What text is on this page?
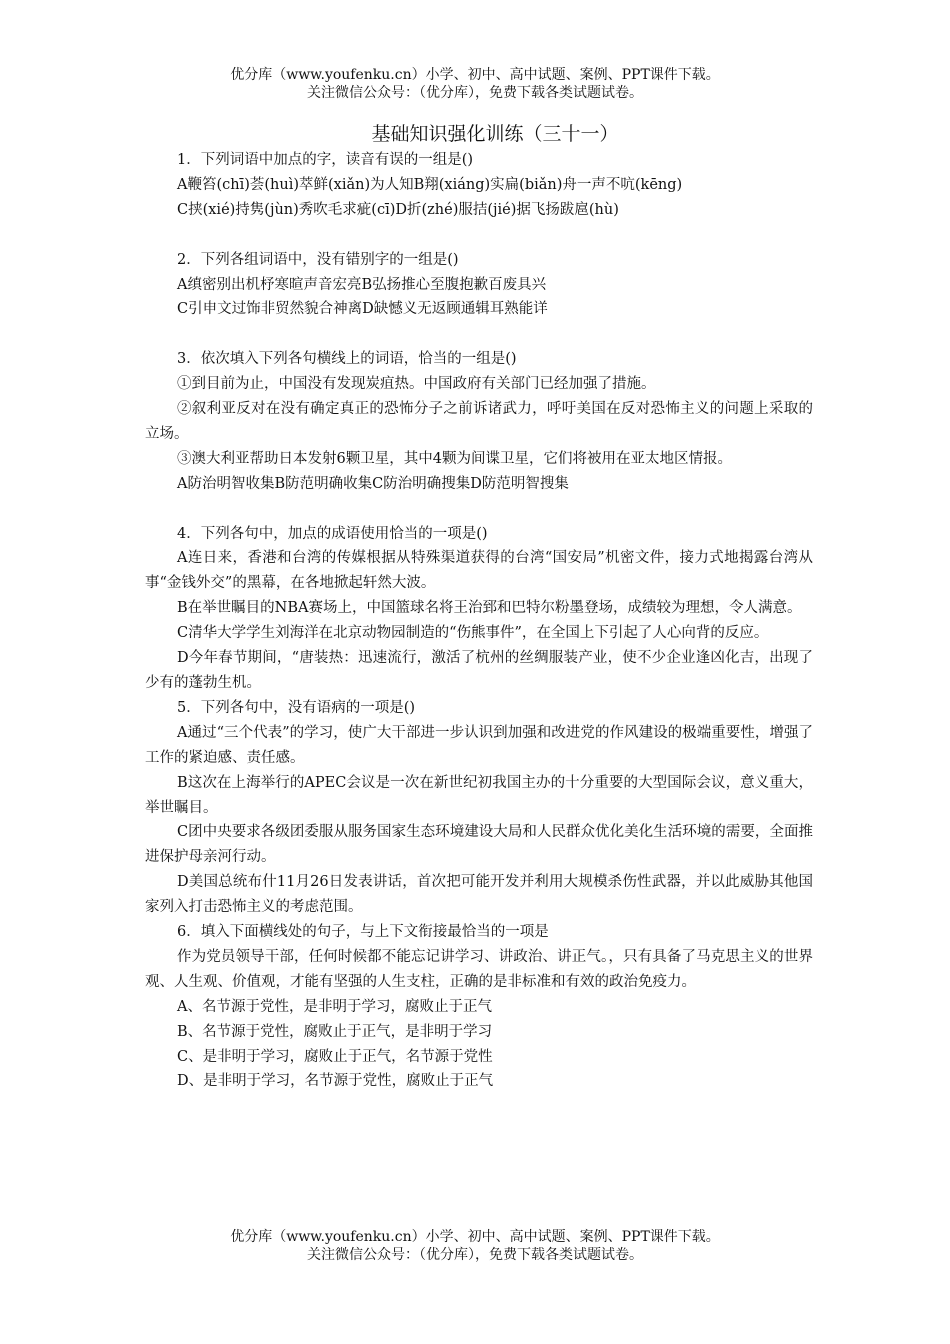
优分库（www.youfenku.cn）小学、初中、高中试题、案例、PPT课件下载。
关注微信公众号：（优分库），免费下载各类试题试卷。
基础知识强化训练（三十一）

1．下列词语中加点的字，读音有误的一组是()

A鞭笞(chī)荟(huì)萃鲜(xiǎn)为人知B翔(xiáng)实扁(biǎn)舟一声不吭(kēng)

C挟(xié)持隽(jùn)秀吹毛求疵(cī)D折(zhé)服拮(jié)据飞扬跋扈(hù)

2．下列各组词语中，没有错别字的一组是()

A缜密别出机杼寒暄声音宏亮B弘扬推心至腹抱歉百废具兴

C引申文过饰非贸然貌合神离D缺憾义无返顾通辑耳熟能详

3．依次填入下列各句横线上的词语，恰当的一组是()

①到目前为止，中国没有发现炭疽热。中国政府有关部门已经加强了措施。

②叙利亚反对在没有确定真正的恐怖分子之前诉诸武力，呼吁美国在反对恐怖主义的问题上采取的立场。

③澳大利亚帮助日本发射6颗卫星，其中4颗为间谍卫星，它们将被用在亚太地区情报。

A防治明智收集B防范明确收集C防治明确搜集D防范明智搜集

4．下列各句中，加点的成语使用恰当的一项是()

A连日来，香港和台湾的传媒根据从特殊渠道获得的台湾“国安局”机密文件，接力式地揭露台湾从事“金钱外交”的黑幕，在各地掀起轩然大波。

B在举世瞩目的NBA赛场上，中国篮球名将王治郅和巴特尔粉墨登场，成绩较为理想，令人满意。

C清华大学学生刘海洋在北京动物园制造的“伤熊事件”，在全国上下引起了人心向背的反应。

D今年春节期间，“唐装热：迅速流行，激活了杭州的丝绸服装产业，使不少企业逢凶化吉，出现了少有的蓬勃生机。

5．下列各句中，没有语病的一项是()

A通过“三个代表”的学习，使广大干部进一步认识到加强和改进党的作风建设的极端重要性，增强了工作的紧迫感、责任感。

B这次在上海举行的APEC会议是一次在新世纪初我国主办的十分重要的大型国际会议，意义重大，举世瞩目。

C团中央要求各级团委服从服务国家生态环境建设大局和人民群众优化美化生活环境的需要，全面推进保护母亲河行动。

D美国总统布什11月26日发表讲话，首次把可能开发并利用大规模杀伤性武器，并以此威胁其他国家列入打击恐怖主义的考虑范围。

6．填入下面横线处的句子，与上下文衔接最恰当的一项是

作为党员领导干部，任何时候都不能忘记讲学习、讲政治、讲正气。，只有具备了马克思主义的世界观、人生观、价值观，才能有坚强的人生支柱，正确的是非标准和有效的政治免疫力。

A、名节源于党性，是非明于学习，腐败止于正气

B、名节源于党性，腐败止于正气，是非明于学习

C、是非明于学习，腐败止于正气，名节源于党性

D、是非明于学习，名节源于党性，腐败止于正气

优分库（www.youfenku.cn）小学、初中、高中试题、案例、PPT课件下载。
关注微信公众号：（优分库），免费下载各类试题试卷。
